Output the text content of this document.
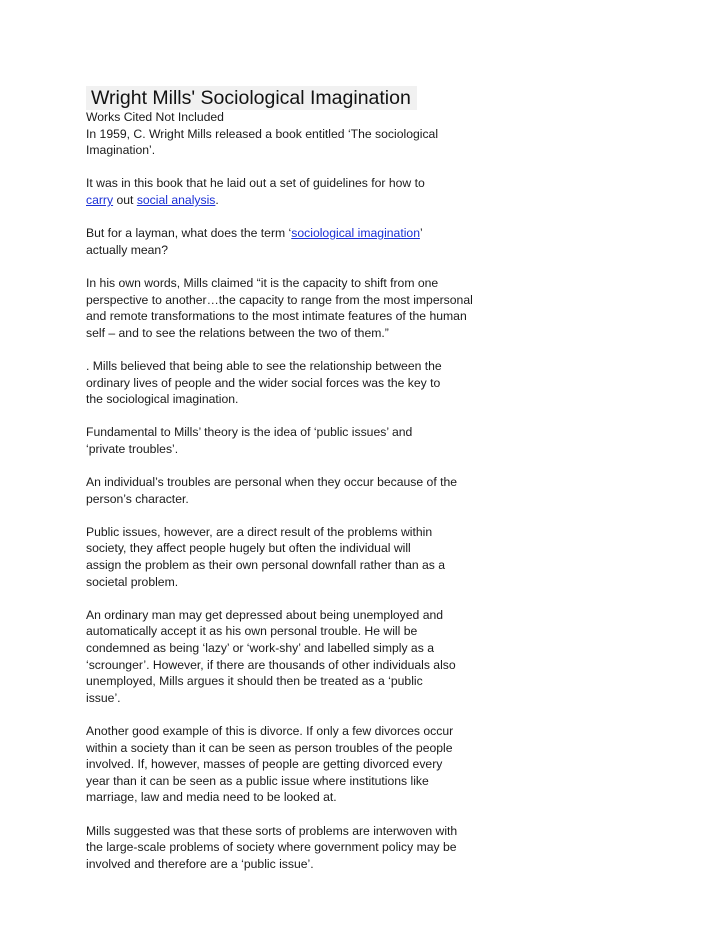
Wright Mills' Sociological Imagination

Works Cited Not Included

In 1959, C. Wright Mills released a book entitled ‘The sociological
Imagination’.

It was in this book that he laid out a set of guidelines for how to
carry out social analysis.

But for a layman, what does the term ‘sociological imagination’
actually mean?

In his own words, Mills claimed “it is the capacity to shift from one
perspective to another…the capacity to range from the most impersonal
and remote transformations to the most intimate features of the human
self – and to see the relations between the two of them.”

. Mills believed that being able to see the relationship between the
ordinary lives of people and the wider social forces was the key to
the sociological imagination.

Fundamental to Mills’ theory is the idea of ‘public issues’ and
‘private troubles’.

An individual’s troubles are personal when they occur because of the
person’s character.

Public issues, however, are a direct result of the problems within
society, they affect people hugely but often the individual will
assign the problem as their own personal downfall rather than as a
societal problem.

An ordinary man may get depressed about being unemployed and
automatically accept it as his own personal trouble. He will be
condemned as being ‘lazy’ or ‘work-shy’ and labelled simply as a
‘scrounger’. However, if there are thousands of other individuals also
unemployed, Mills argues it should then be treated as a ‘public
issue’.

Another good example of this is divorce. If only a few divorces occur
within a society than it can be seen as person troubles of the people
involved. If, however, masses of people are getting divorced every
year than it can be seen as a public issue where institutions like
marriage, law and media need to be looked at.

Mills suggested was that these sorts of problems are interwoven with
the large-scale problems of society where government policy may be
involved and therefore are a ‘public issue’.
